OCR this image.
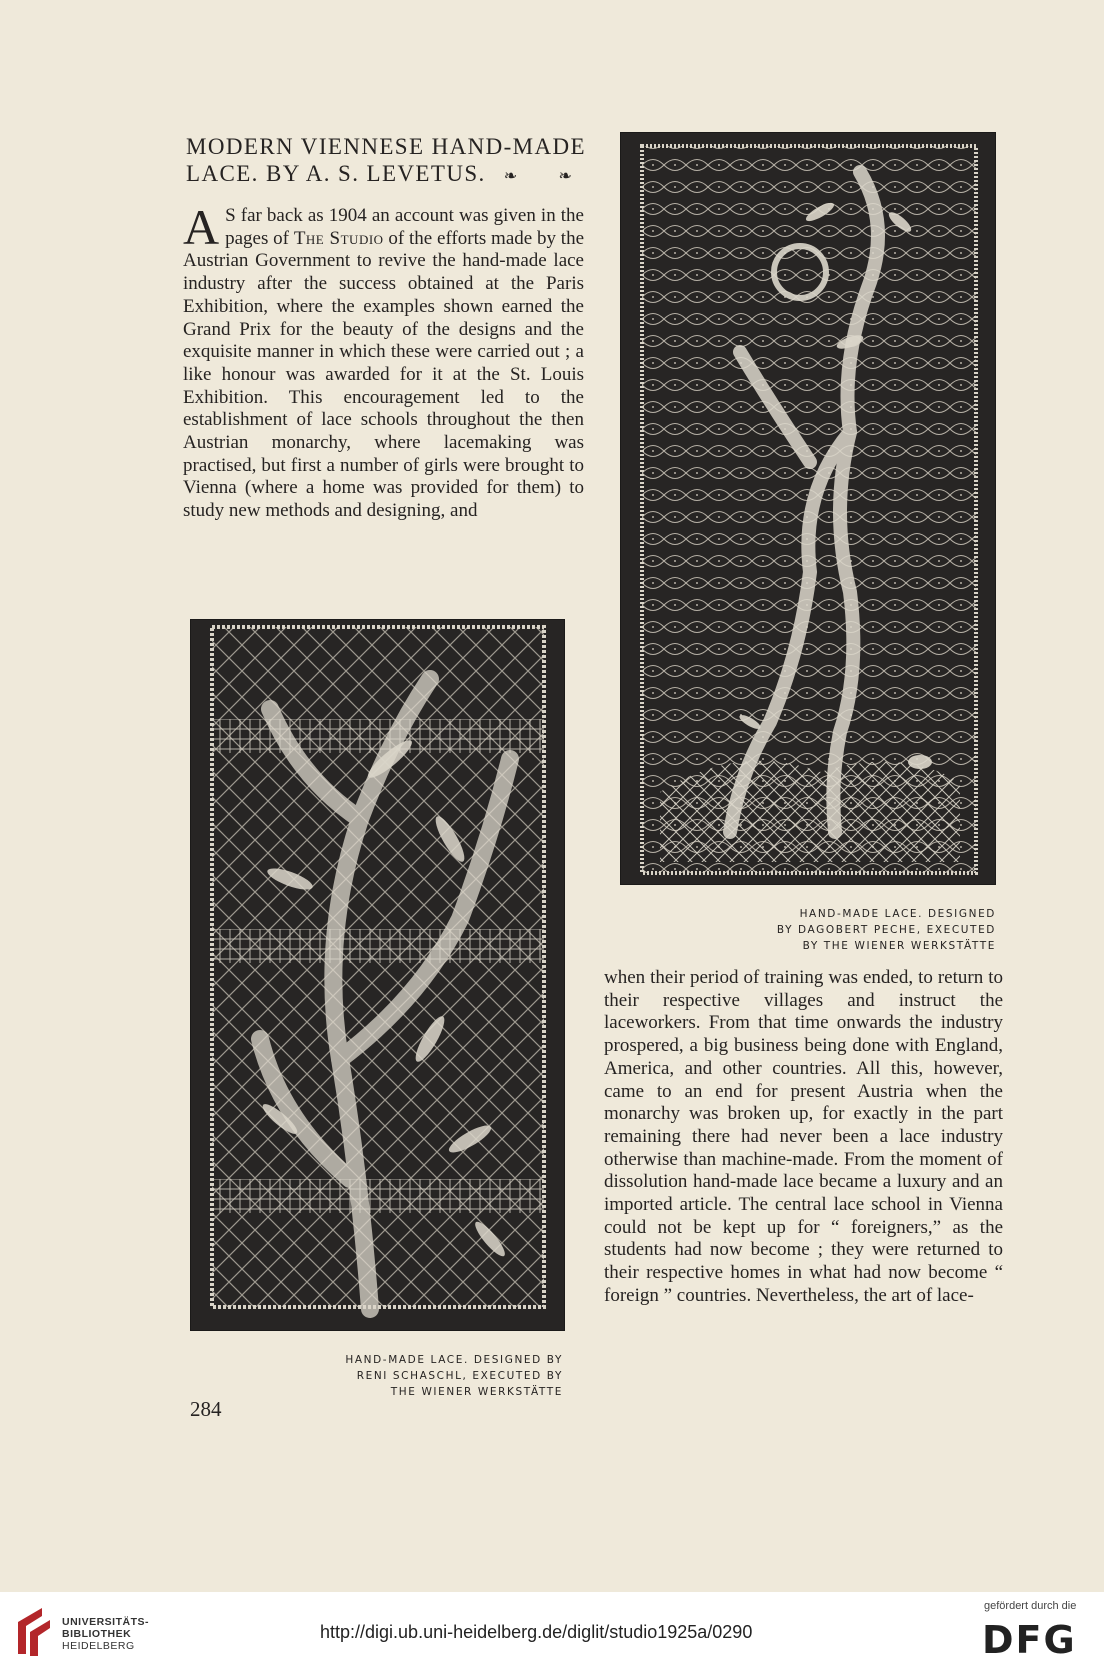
MODERN VIENNESE HAND-MADE
LACE. BY A. S. LEVETUS. ❧	❧

A S far back as 1904 an account was given in the pages of The Studio of the efforts made by the Austrian Government to revive the hand-made lace industry after the success obtained at the Paris Exhibition, where the examples shown earned the Grand Prix for the beauty of the designs and the exquisite manner in which these were carried out ; a like honour was awarded for it at the St. Louis Exhibition. This encouragement led to the establishment of lace schools throughout the then Austrian monarchy, where lacemaking was practised, but first a number of girls were brought to Vienna (where a home was provided for them) to study new methods and designing, and

HAND-MADE LACE. DESIGNED
BY DAGOBERT PECHE, EXECUTED
BY THE WIENER WERKSTÄTTE

when their period of training was ended, to return to their respective villages and instruct the laceworkers. From that time onwards the industry prospered, a big business being done with England, America, and other countries. All this, however, came to an end for present Austria when the monarchy was broken up, for exactly in the part remaining there had never been a lace industry otherwise than machine-made. From the moment of dissolution hand-made lace became a luxury and an imported article. The central lace school in Vienna could not be kept up for “ foreigners,” as the students had now become ; they were returned to their respective homes in what had now become “ foreign ” countries. Nevertheless, the art of lace-

HAND-MADE LACE. DESIGNED BY
RENI SCHASCHL, EXECUTED BY
THE WIENER WERKSTÄTTE
284
UNIVERSITÄTS-
BIBLIOTHEK
HEIDELBERG
http://digi.ub.uni-heidelberg.de/diglit/studio1925a/0290
gefördert durch die
DFG
